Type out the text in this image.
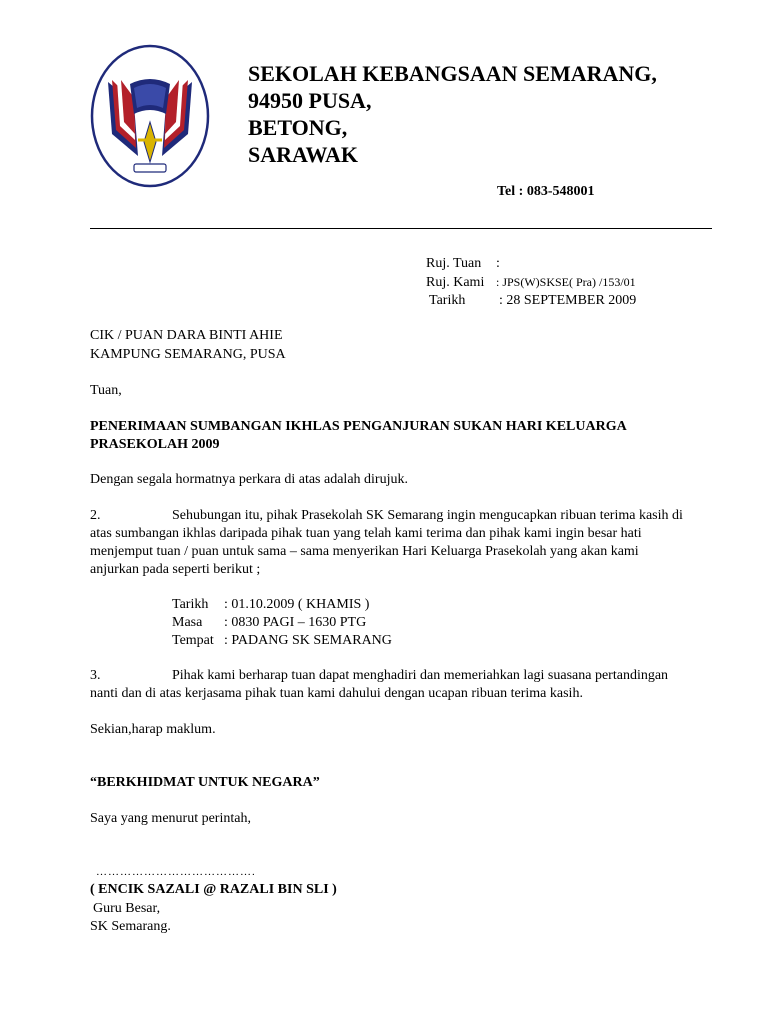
SEKOLAH KEBANGSAAN SEMARANG,
94950 PUSA,
BETONG,
SARAWAK
Tel : 083-548001
Ruj. Tuan :
Ruj. Kami : JPS(W)SKSE( Pra) /153/01
Tarikh : 28 SEPTEMBER 2009
CIK / PUAN DARA BINTI AHIE
KAMPUNG SEMARANG, PUSA
Tuan,
PENERIMAAN SUMBANGAN IKHLAS PENGANJURAN SUKAN HARI KELUARGA
PRASEKOLAH 2009
Dengan segala hormatnya perkara di atas adalah dirujuk.
2.	Sehubungan itu, pihak Prasekolah SK Semarang ingin mengucapkan ribuan terima kasih di
atas sumbangan ikhlas daripada pihak tuan yang telah kami terima dan pihak kami ingin besar hati
menjemput tuan / puan untuk sama – sama menyerikan Hari Keluarga Prasekolah yang akan kami
anjurkan pada seperti berikut ;
Tarikh : 01.10.2009 ( KHAMIS )
Masa : 0830 PAGI – 1630 PTG
Tempat : PADANG SK SEMARANG
3.	Pihak kami berharap tuan dapat menghadiri dan memeriahkan lagi suasana pertandingan
nanti dan di atas kerjasama pihak tuan kami dahului dengan ucapan ribuan terima kasih.
Sekian,harap maklum.
“BERKHIDMAT UNTUK NEGARA”
Saya yang menurut perintah,
………………………………….
( ENCIK SAZALI @ RAZALI BIN SLI )
Guru Besar,
SK Semarang.
